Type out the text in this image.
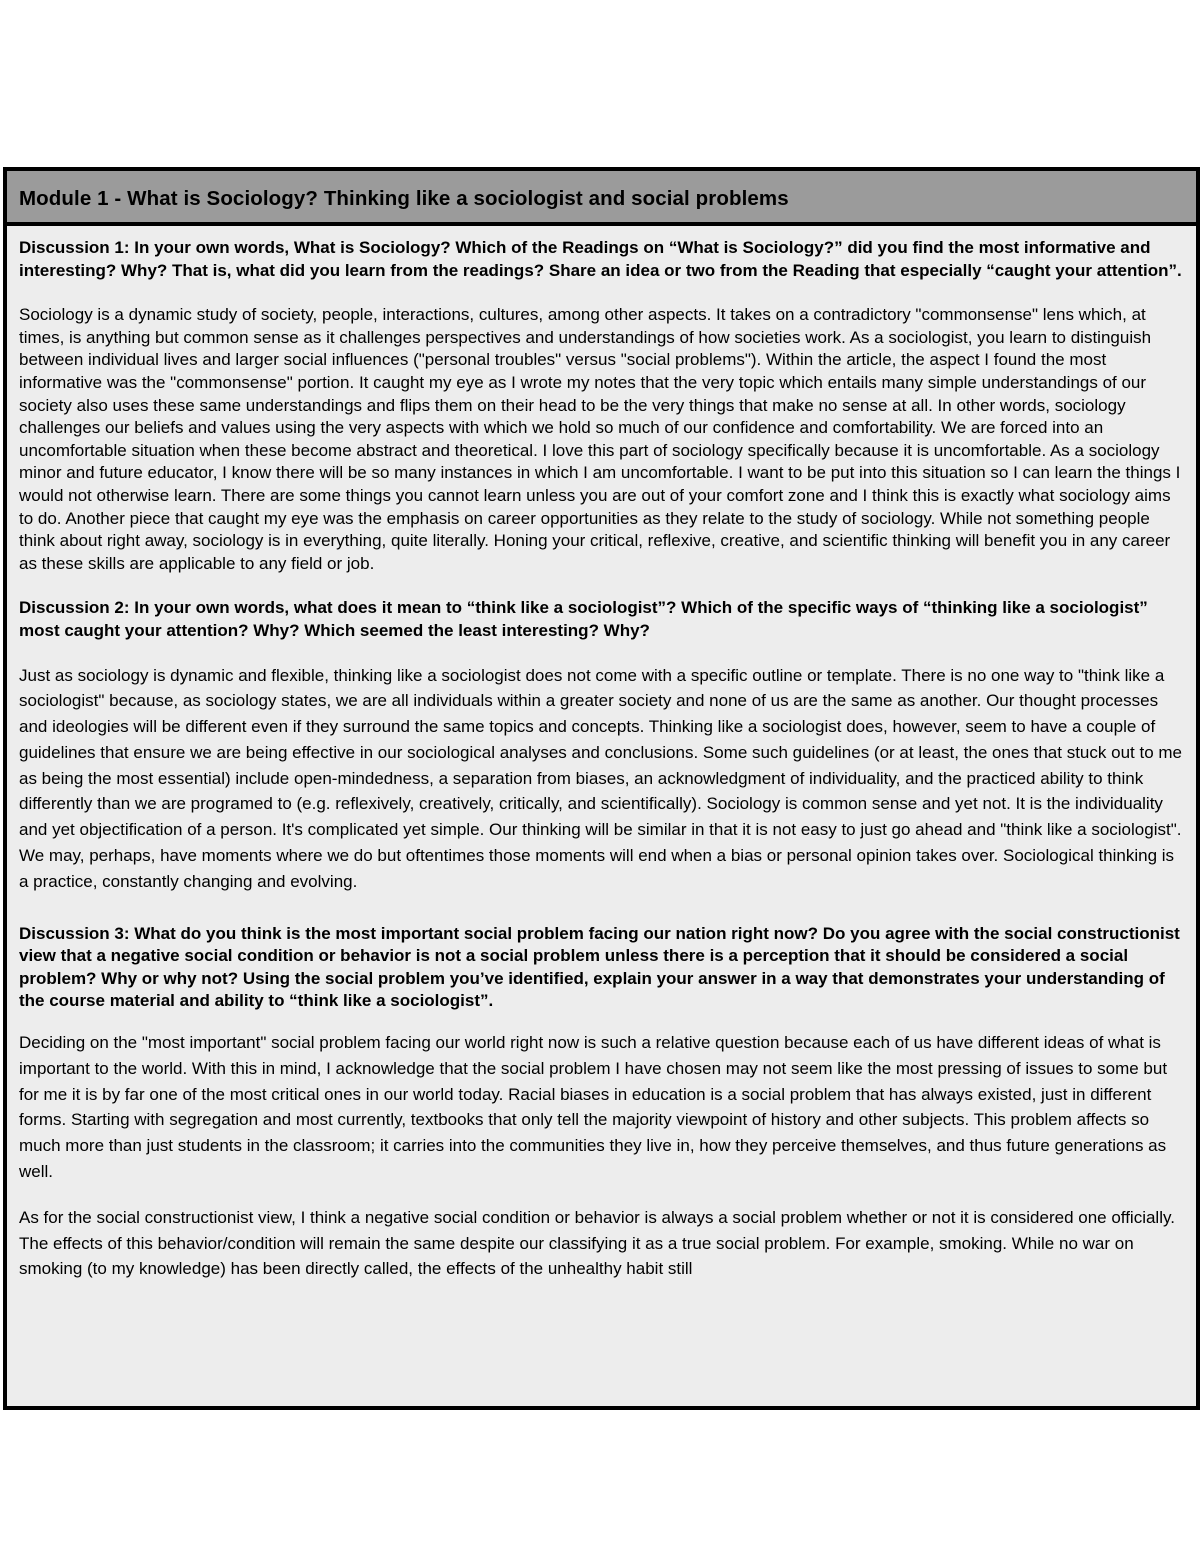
Module 1 - What is Sociology? Thinking like a sociologist and social problems

Discussion 1: In your own words, What is Sociology? Which of the Readings on “What is Sociology?” did you find the most informative and interesting? Why? That is, what did you learn from the readings? Share an idea or two from the Reading that especially “caught your attention”.

Sociology is a dynamic study of society, people, interactions, cultures, among other aspects. It takes on a contradictory "commonsense" lens which, at times, is anything but common sense as it challenges perspectives and understandings of how societies work. As a sociologist, you learn to distinguish between individual lives and larger social influences ("personal troubles" versus "social problems"). Within the article, the aspect I found the most informative was the "commonsense" portion. It caught my eye as I wrote my notes that the very topic which entails many simple understandings of our society also uses these same understandings and flips them on their head to be the very things that make no sense at all. In other words, sociology challenges our beliefs and values using the very aspects with which we hold so much of our confidence and comfortability. We are forced into an uncomfortable situation when these become abstract and theoretical. I love this part of sociology specifically because it is uncomfortable. As a sociology minor and future educator, I know there will be so many instances in which I am uncomfortable. I want to be put into this situation so I can learn the things I would not otherwise learn. There are some things you cannot learn unless you are out of your comfort zone and I think this is exactly what sociology aims to do. Another piece that caught my eye was the emphasis on career opportunities as they relate to the study of sociology. While not something people think about right away, sociology is in everything, quite literally. Honing your critical, reflexive, creative, and scientific thinking will benefit you in any career as these skills are applicable to any field or job.

Discussion 2: In your own words, what does it mean to “think like a sociologist”? Which of the specific ways of “thinking like a sociologist” most caught your attention? Why? Which seemed the least interesting? Why?

Just as sociology is dynamic and flexible, thinking like a sociologist does not come with a specific outline or template. There is no one way to "think like a sociologist" because, as sociology states, we are all individuals within a greater society and none of us are the same as another. Our thought processes and ideologies will be different even if they surround the same topics and concepts. Thinking like a sociologist does, however, seem to have a couple of guidelines that ensure we are being effective in our sociological analyses and conclusions. Some such guidelines (or at least, the ones that stuck out to me as being the most essential) include open-mindedness, a separation from biases, an acknowledgment of individuality, and the practiced ability to think differently than we are programed to (e.g. reflexively, creatively, critically, and scientifically). Sociology is common sense and yet not. It is the individuality and yet objectification of a person. It's complicated yet simple. Our thinking will be similar in that it is not easy to just go ahead and "think like a sociologist". We may, perhaps, have moments where we do but oftentimes those moments will end when a bias or personal opinion takes over. Sociological thinking is a practice, constantly changing and evolving.

Discussion 3: What do you think is the most important social problem facing our nation right now? Do you agree with the social constructionist view that a negative social condition or behavior is not a social problem unless there is a perception that it should be considered a social problem? Why or why not? Using the social problem you’ve identified, explain your answer in a way that demonstrates your understanding of the course material and ability to “think like a sociologist”.

Deciding on the "most important" social problem facing our world right now is such a relative question because each of us have different ideas of what is important to the world. With this in mind, I acknowledge that the social problem I have chosen may not seem like the most pressing of issues to some but for me it is by far one of the most critical ones in our world today. Racial biases in education is a social problem that has always existed, just in different forms. Starting with segregation and most currently, textbooks that only tell the majority viewpoint of history and other subjects. This problem affects so much more than just students in the classroom; it carries into the communities they live in, how they perceive themselves, and thus future generations as well.

As for the social constructionist view, I think a negative social condition or behavior is always a social problem whether or not it is considered one officially. The effects of this behavior/condition will remain the same despite our classifying it as a true social problem. For example, smoking. While no war on smoking (to my knowledge) has been directly called, the effects of the unhealthy habit still
